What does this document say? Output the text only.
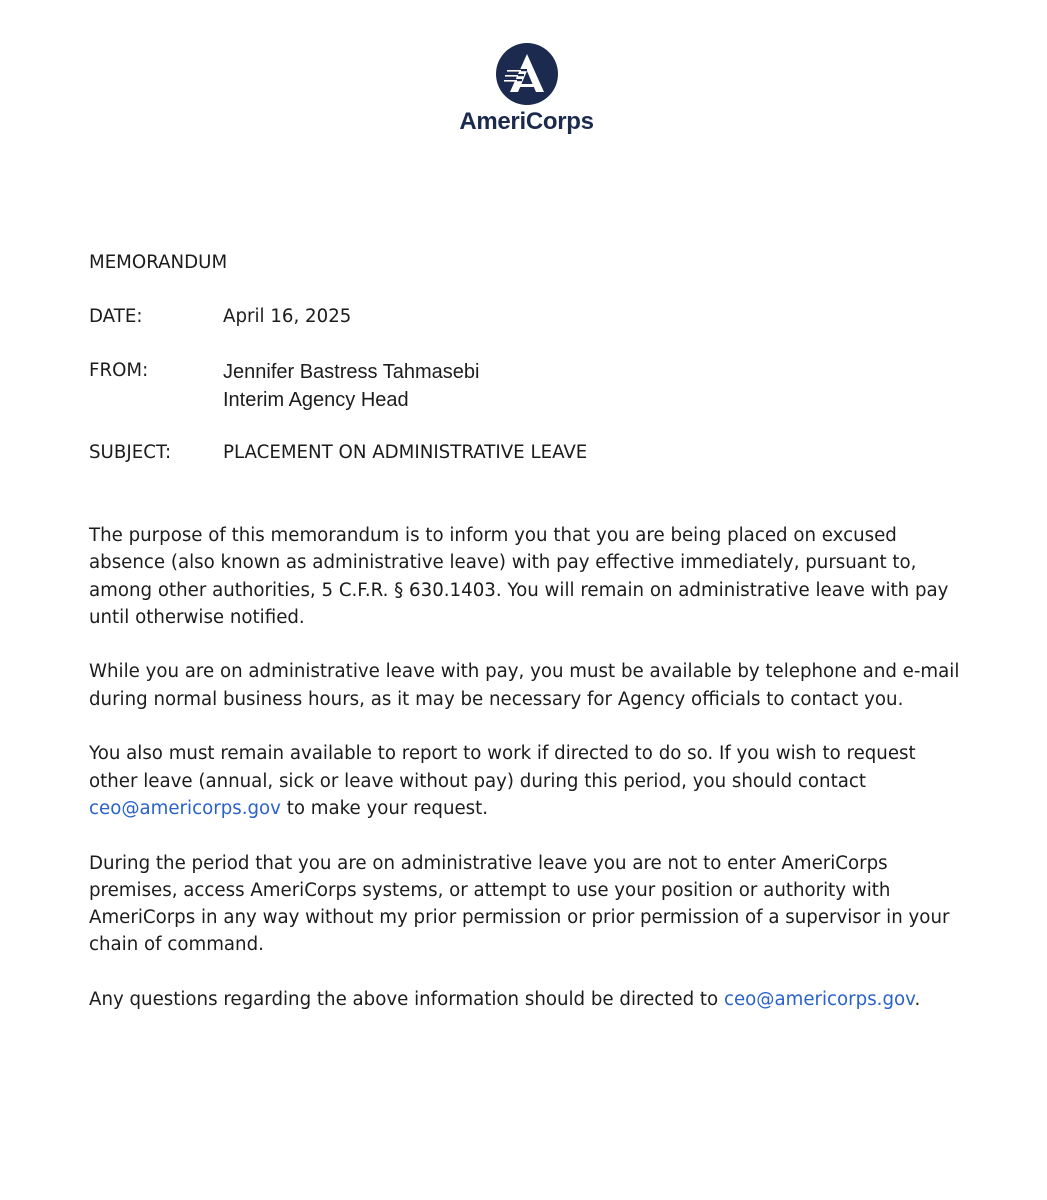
AmeriCorps
MEMORANDUM
DATE:	April 16, 2025
FROM:	Jennifer Bastress Tahmasebi
Interim Agency Head
SUBJECT:	PLACEMENT ON ADMINISTRATIVE LEAVE

The purpose of this memorandum is to inform you that you are being placed on excused absence (also known as administrative leave) with pay effective immediately, pursuant to, among other authorities, 5 C.F.R. § 630.1403. You will remain on administrative leave with pay until otherwise notified.

While you are on administrative leave with pay, you must be available by telephone and e-mail during normal business hours, as it may be necessary for Agency officials to contact you.

You also must remain available to report to work if directed to do so. If you wish to request other leave (annual, sick or leave without pay) during this period, you should contact
ceo@americorps.gov to make your request.

During the period that you are on administrative leave you are not to enter AmeriCorps premises, access AmeriCorps systems, or attempt to use your position or authority with AmeriCorps in any way without my prior permission or prior permission of a supervisor in your chain of command.

Any questions regarding the above information should be directed to ceo@americorps.gov.
